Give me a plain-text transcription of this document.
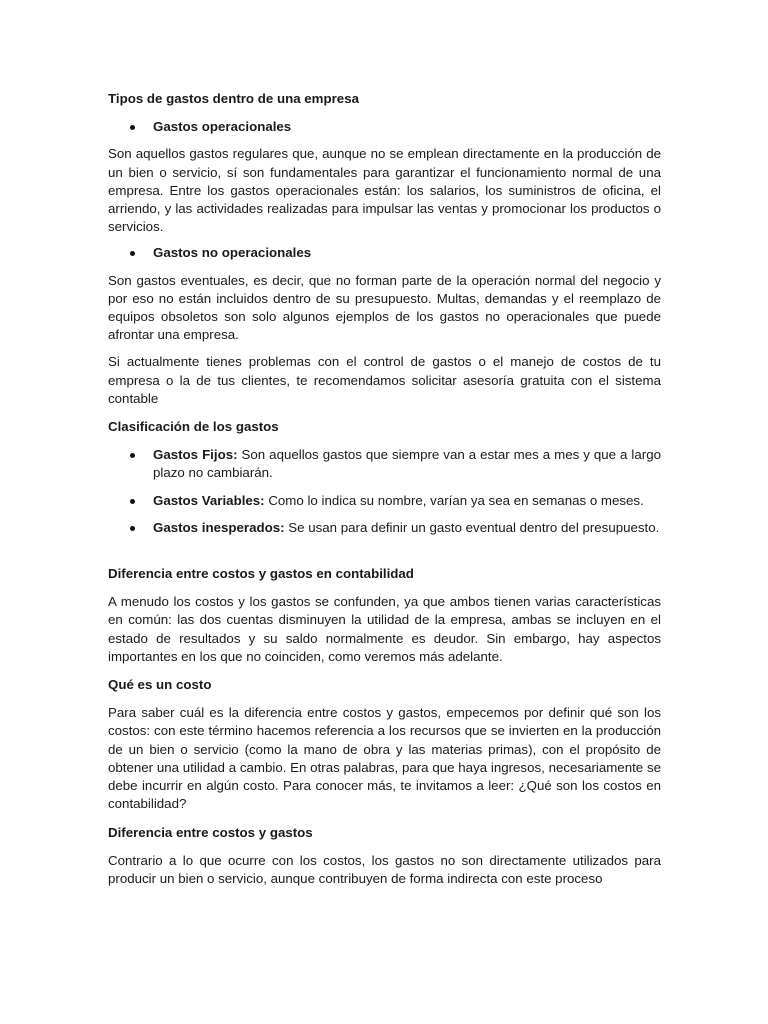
Tipos de gastos dentro de una empresa
Gastos operacionales

Son aquellos gastos regulares que, aunque no se emplean directamente en la producción de un bien o servicio, sí son fundamentales para garantizar el funcionamiento normal de una empresa. Entre los gastos operacionales están: los salarios, los suministros de oficina, el arriendo, y las actividades realizadas para impulsar las ventas y promocionar los productos o servicios.

Gastos no operacionales

Son gastos eventuales, es decir, que no forman parte de la operación normal del negocio y por eso no están incluidos dentro de su presupuesto. Multas, demandas y el reemplazo de equipos obsoletos son solo algunos ejemplos de los gastos no operacionales que puede afrontar una empresa.

Si actualmente tienes problemas con el control de gastos o el manejo de costos de tu empresa o la de tus clientes, te recomendamos solicitar asesoría gratuita con el sistema contable

Clasificación de los gastos
Gastos Fijos: Son aquellos gastos que siempre van a estar mes a mes y que a largo plazo no cambiarán.
Gastos Variables: Como lo indica su nombre, varían ya sea en semanas o meses.
Gastos inesperados: Se usan para definir un gasto eventual dentro del presupuesto.
Diferencia entre costos y gastos en contabilidad

A menudo los costos y los gastos se confunden, ya que ambos tienen varias características en común: las dos cuentas disminuyen la utilidad de la empresa, ambas se incluyen en el estado de resultados y su saldo normalmente es deudor. Sin embargo, hay aspectos importantes en los que no coinciden, como veremos más adelante.

Qué es un costo

Para saber cuál es la diferencia entre costos y gastos, empecemos por definir qué son los costos: con este término hacemos referencia a los recursos que se invierten en la producción de un bien o servicio (como la mano de obra y las materias primas), con el propósito de obtener una utilidad a cambio. En otras palabras, para que haya ingresos, necesariamente se debe incurrir en algún costo. Para conocer más, te invitamos a leer: ¿Qué son los costos en contabilidad?

Diferencia entre costos y gastos

Contrario a lo que ocurre con los costos, los gastos no son directamente utilizados para producir un bien o servicio, aunque contribuyen de forma indirecta con este proceso
